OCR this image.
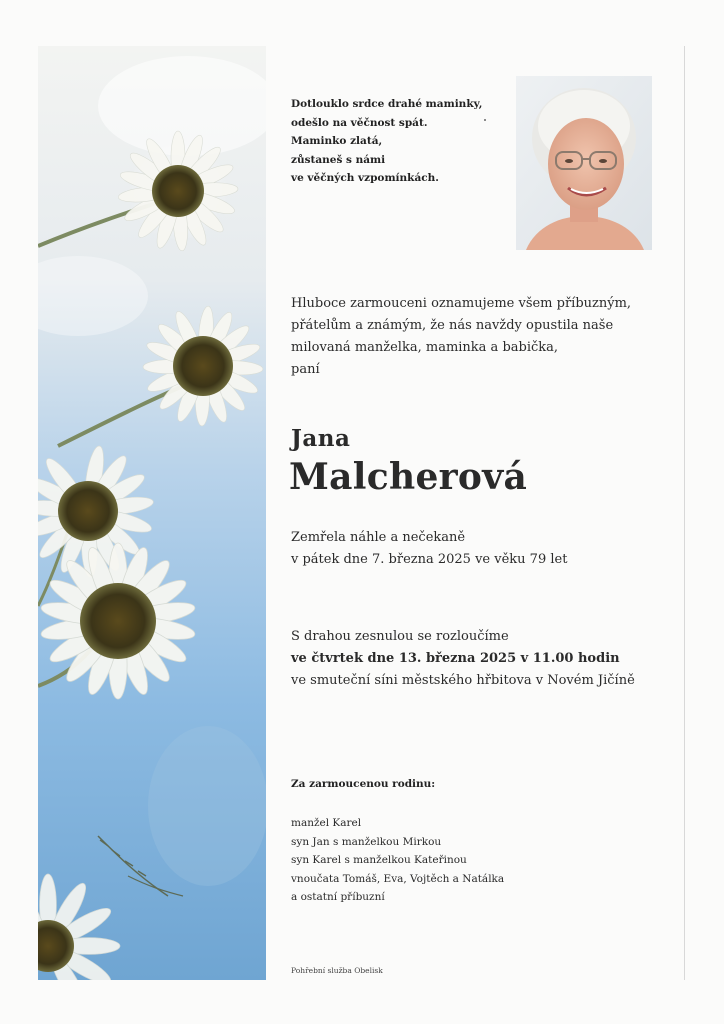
Dotlouklo srdce drahé maminky,
odešlo na věčnost spát.
Maminko zlatá,
zůstaneš s námi
ve věčných vzpomínkách.
Hluboce zarmouceni oznamujeme všem příbuzným,
přátelům a známým, že nás navždy opustila naše
milovaná manželka, maminka a babička,
paní
Jana
Malcherová
Zemřela náhle a nečekaně
v pátek dne 7. března 2025 ve věku 79 let
S drahou zesnulou se rozloučíme
ve čtvrtek dne 13. března 2025 v 11.00 hodin
ve smuteční síni městského hřbitova v Novém Jičíně
Za zarmoucenou rodinu:
manžel Karel
syn Jan s manželkou Mirkou
syn Karel s manželkou Kateřinou
vnoučata Tomáš, Eva, Vojtěch a Natálka
a ostatní příbuzní
Pohřební služba Obelisk
